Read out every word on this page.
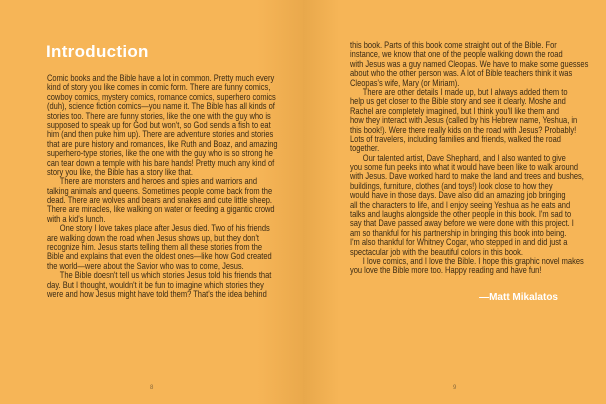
Introduction
Comic books and the Bible have a lot in common. Pretty much every
kind of story you like comes in comic form. There are funny comics,
cowboy comics, mystery comics, romance comics, superhero comics
(duh), science fiction comics—you name it. The Bible has all kinds of
stories too. There are funny stories, like the one with the guy who is
supposed to speak up for God but won't, so God sends a fish to eat
him (and then puke him up). There are adventure stories and stories
that are pure history and romances, like Ruth and Boaz, and amazing
superhero-type stories, like the one with the guy who is so strong he
can tear down a temple with his bare hands! Pretty much any kind of
story you like, the Bible has a story like that.
There are monsters and heroes and spies and warriors and
talking animals and queens. Sometimes people come back from the
dead. There are wolves and bears and snakes and cute little sheep.
There are miracles, like walking on water or feeding a gigantic crowd
with a kid's lunch.
One story I love takes place after Jesus died. Two of his friends
are walking down the road when Jesus shows up, but they don't
recognize him. Jesus starts telling them all these stories from the
Bible and explains that even the oldest ones—like how God created
the world—were about the Savior who was to come, Jesus.
The Bible doesn't tell us which stories Jesus told his friends that
day. But I thought, wouldn't it be fun to imagine which stories they
were and how Jesus might have told them? That's the idea behind
8
this book. Parts of this book come straight out of the Bible. For
instance, we know that one of the people walking down the road
with Jesus was a guy named Cleopas. We have to make some guesses
about who the other person was. A lot of Bible teachers think it was
Cleopas's wife, Mary (or Miriam).
There are other details I made up, but I always added them to
help us get closer to the Bible story and see it clearly. Moshe and
Rachel are completely imagined, but I think you'll like them and
how they interact with Jesus (called by his Hebrew name, Yeshua, in
this book!). Were there really kids on the road with Jesus? Probably!
Lots of travelers, including families and friends, walked the road
together.
Our talented artist, Dave Shephard, and I also wanted to give
you some fun peeks into what it would have been like to walk around
with Jesus. Dave worked hard to make the land and trees and bushes,
buildings, furniture, clothes (and toys!) look close to how they
would have in those days. Dave also did an amazing job bringing
all the characters to life, and I enjoy seeing Yeshua as he eats and
talks and laughs alongside the other people in this book. I'm sad to
say that Dave passed away before we were done with this project. I
am so thankful for his partnership in bringing this book into being.
I'm also thankful for Whitney Cogar, who stepped in and did just a
spectacular job with the beautiful colors in this book.
I love comics, and I love the Bible. I hope this graphic novel makes
you love the Bible more too. Happy reading and have fun!
—Matt Mikalatos
9
